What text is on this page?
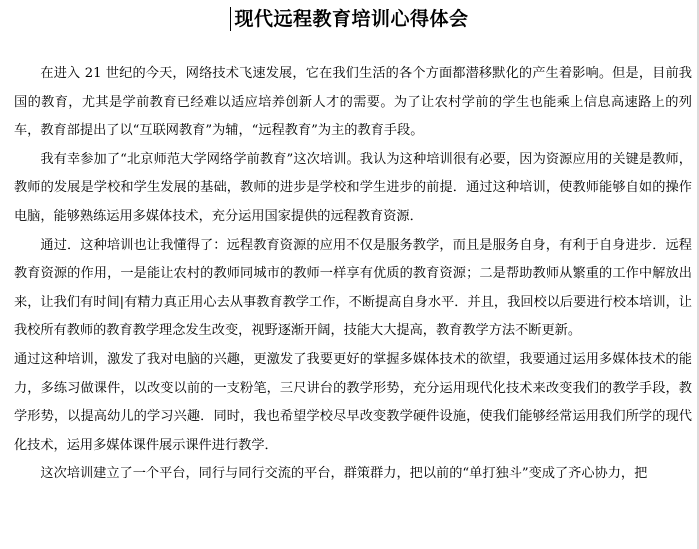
现代远程教育培训心得体会

在进入 21 世纪的今天，网络技术飞速发展，它在我们生活的各个方面都潜移默化的产生着影响。但是，目前我国的教育，尤其是学前教育已经难以适应培养创新人才的需要。为了让农村学前的学生也能乘上信息高速路上的列车，教育部提出了以“互联网教育”为辅，“远程教育”为主的教育手段。

我有幸参加了“北京师范大学网络学前教育”这次培训。我认为这种培训很有必要，因为资源应用的关键是教师，教师的发展是学校和学生发展的基础，教师的进步是学校和学生进步的前提．通过这种培训，使教师能够自如的操作电脑，能够熟练运用多媒体技术，充分运用国家提供的远程教育资源．

通过．这种培训也让我懂得了：远程教育资源的应用不仅是服务教学，而且是服务自身，有利于自身进步．远程教育资源的作用，一是能让农村的教师同城市的教师一样享有优质的教育资源；二是帮助教师从繁重的工作中解放出来，让我们有时间|有精力真正用心去从事教育教学工作，不断提高自身水平．并且，我回校以后要进行校本培训，让我校所有教师的教育教学理念发生改变，视野逐渐开阔，技能大大提高，教育教学方法不断更新。

通过这种培训，激发了我对电脑的兴趣，更激发了我要更好的掌握多媒体技术的欲望，我要通过运用多媒体技术的能力，多练习做课件，以改变以前的一支粉笔，三尺讲台的教学形势，充分运用现代化技术来改变我们的教学手段，教学形势，以提高幼儿的学习兴趣．同时，我也希望学校尽早改变教学硬件设施，使我们能够经常运用我们所学的现代化技术，运用多媒体课件展示课件进行教学．

这次培训建立了一个平台，同行与同行交流的平台，群策群力，把以前的“单打独斗”变成了齐心协力，把
